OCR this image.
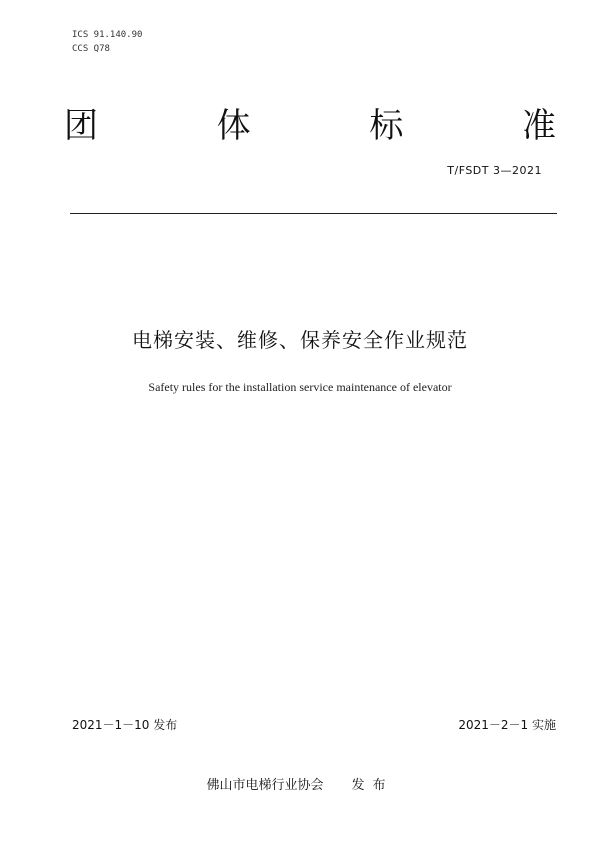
ICS 91.140.90
CCS Q78
团	体	标	准
T/FSDT 3—2021
电梯安装、维修、保养安全作业规范
Safety rules for the installation service maintenance of elevator
2021－1－10 发布	2021－2－1 实施
佛山市电梯行业协会 发布
